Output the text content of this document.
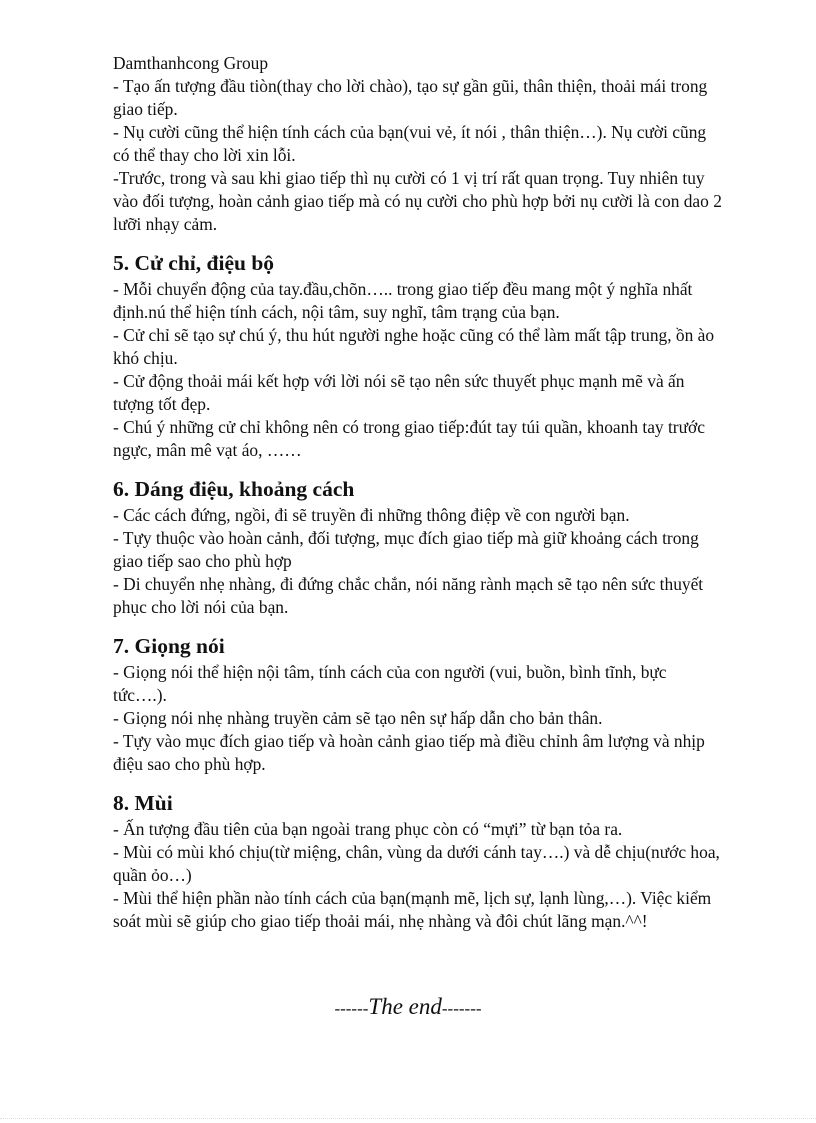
Damthanhcong Group

- Tạo ấn tượng đầu tiòn(thay cho lời chào), tạo sự gần gũi, thân thiện, thoải mái trong giao tiếp.

- Nụ cười cũng thể hiện tính cách của bạn(vui vẻ, ít nói , thân thiện…). Nụ cười cũng có thể thay cho lời xin lỗi.

-Trước, trong và sau khi giao tiếp thì nụ cười có 1 vị trí rất quan trọng. Tuy nhiên tuy vào đối tượng, hoàn cảnh giao tiếp mà có nụ cười cho phù hợp bởi nụ cười là con dao 2 lưỡi nhạy cảm.

5. Cử chỉ, điệu bộ

- Mỗi chuyển động của tay.đầu,chõn….. trong giao tiếp đều mang một ý nghĩa nhất định.nú thể hiện tính cách, nội tâm, suy nghĩ, tâm trạng của bạn.

- Cử chỉ sẽ tạo sự chú ý, thu hút người nghe hoặc cũng có thể làm mất tập trung, ồn ào khó chịu.

- Cử động thoải mái kết hợp với lời nói sẽ tạo nên sức thuyết phục mạnh mẽ và ấn tượng tốt đẹp.

- Chú ý những cử chỉ không nên có trong giao tiếp:đút tay túi quần, khoanh tay trước ngực, mân mê vạt áo, ……

6. Dáng điệu, khoảng cách

- Các cách đứng, ngồi, đi sẽ truyền đi những thông điệp về con người bạn.

- Tựy thuộc vào hoàn cảnh, đối tượng, mục đích giao tiếp mà giữ khoảng cách trong giao tiếp sao cho phù hợp

- Di chuyển nhẹ nhàng, đi đứng chắc chắn, nói năng rành mạch sẽ tạo nên sức thuyết phục cho lời nói của bạn.

7. Giọng nói

- Giọng nói thể hiện nội tâm, tính cách của con người (vui, buồn, bình tĩnh, bực tức….).

- Giọng nói nhẹ nhàng truyền cảm sẽ tạo nên sự hấp dẫn cho bản thân.

- Tựy vào mục đích giao tiếp và hoàn cảnh giao tiếp mà điều chỉnh âm lượng và nhịp điệu sao cho phù hợp.

8. Mùi

- Ấn tượng đầu tiên của bạn ngoài trang phục còn có “mựi” từ bạn tỏa ra.

- Mùi có mùi khó chịu(từ miệng, chân, vùng da dưới cánh tay….) và dễ chịu(nước hoa, quần ỏo…)

- Mùi thể hiện phần nào tính cách của bạn(mạnh mẽ, lịch sự, lạnh lùng,…). Việc kiểm soát mùi sẽ giúp cho giao tiếp thoải mái, nhẹ nhàng và đôi chút lãng mạn.^^!

------The end-------
